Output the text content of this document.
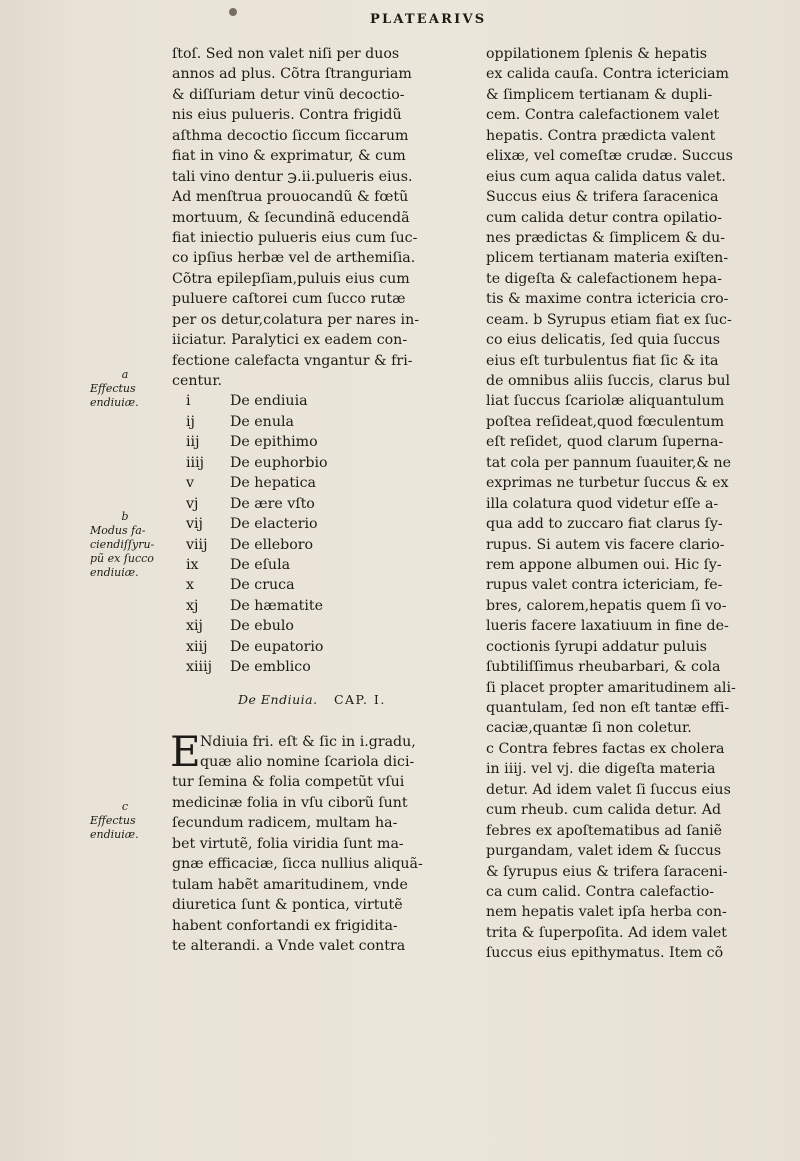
PLATEARIVS
a
Effectus
endiuiæ.
b
Modus fa-
ciendiſſyru-
pũ ex ſucco
endiuiæ.
c
Effectus
endiuiæ.
ſtoſ. Sed non valet niſi per duos
annos ad plus. Cõtra ſtranguriam
& diſſuriam detur vinũ decoctio-
nis eius pulueris. Contra frigidũ
aſthma decoctio ſiccum ſiccarum
fiat in vino & exprimatur, & cum
tali vino dentur ℈.ii.pulueris eius.
Ad menſtrua prouocandũ & fœtũ
mortuum, & ſecundinã educendã
fiat iniectio pulueris eius cum ſuc-
co ipſius herbæ vel de arthemiſia.
Cõtra epilepſiam,puluis eius cum
puluere caſtorei cum ſucco rutæ
per os detur,colatura per nares in-
iiciatur. Paralytici ex eadem con-
fectione calefacta vngantur & fri-
centur.
i	De endiuia
ij De enula
iij De epithimo
iiij De euphorbio
v	De hepatica
vj De ære vſto
vij De elacterio
viij De elleboro
ix De eſula
x	De cruca
xj De hæmatite
xij De ebulo
xiij De eupatorio
xiiij De emblico
De Endiuia. CAP. I.
E Ndiuia fri. eſt & ſic in i.gradu,
quæ alio nomine ſcariola dici-
tur ſemina & folia competũt vſui
medicinæ folia in vſu ciborũ ſunt
ſecundum radicem, multam ha-
bet virtutẽ, folia viridia ſunt ma-
gnæ efficaciæ, ſicca nullius aliquã-
tulam habẽt amaritudinem, vnde
diuretica ſunt & pontica, virtutẽ
habent confortandi ex frigidita-
te alterandi. a Vnde valet contra
oppilationem ſplenis & hepatis
ex calida cauſa. Contra ictericiam
& ſimplicem tertianam & dupli-
cem. Contra calefactionem valet
hepatis. Contra prædicta valent
elixæ, vel comeſtæ crudæ. Succus
eius cum aqua calida datus valet.
Succus eius & trifera ſaracenica
cum calida detur contra opilatio-
nes prædictas & ſimplicem & du-
plicem tertianam materia exiſten-
te digeſta & calefactionem hepa-
tis & maxime contra ictericia cro-
ceam. b Syrupus etiam fiat ex ſuc-
co eius delicatis, ſed quia ſuccus
eius eſt turbulentus fiat ſic & ita
de omnibus aliis ſuccis, clarus bul
liat ſuccus ſcariolæ aliquantulum
poſtea reſideat,quod fœculentum
eſt reſidet, quod clarum ſuperna-
tat cola per pannum ſuauiter,& ne
exprimas ne turbetur ſuccus & ex
illa colatura quod videtur eſſe a-
qua add to zuccaro fiat clarus ſy-
rupus. Si autem vis facere clario-
rem appone albumen oui. Hic ſy-
rupus valet contra ictericiam, fe-
bres, calorem,hepatis quem ſi vo-
lueris facere laxatiuum in fine de-
coctionis ſyrupi addatur puluis
ſubtiliſſimus rheubarbari, & cola
ſi placet propter amaritudinem ali-
quantulam, ſed non eſt tantæ effi-
caciæ,quantæ ſi non coletur.
c Contra febres factas ex cholera
in iiij. vel vj. die digeſta materia
detur. Ad idem valet ſi ſuccus eius
cum rheub. cum calida detur. Ad
febres ex apoſtematibus ad ſaniẽ
purgandam, valet idem & ſuccus
& ſyrupus eius & trifera ſaraceni-
ca cum calid. Contra calefactio-
nem hepatis valet ipſa herba con-
trita & ſuperpoſita. Ad idem valet
ſuccus eius epithymatus. Item cõ
